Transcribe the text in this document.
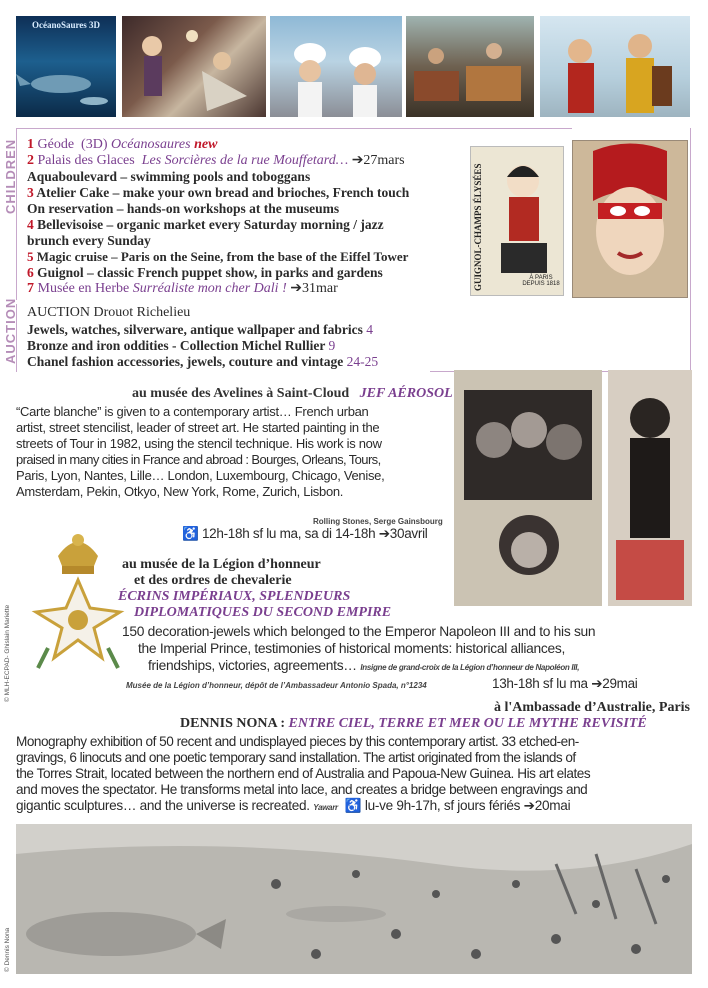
OcéanoSaures 3D
CHILDREN
AUCTION
1 Géode  (3D) Océanosaures new
2 Palais des Glaces Les Sorcières de la rue Mouffetard… ➔27mars
Aquaboulevard – swimming pools and toboggans
3 Atelier Cake – make your own bread and brioches, French touch
On reservation – hands-on workshops at the museums
4 Bellevisoise – organic market every Saturday morning / jazz
brunch every Sunday
5 Magic cruise – Paris on the Seine, from the base of the Eiffel Tower
6 Guignol – classic French puppet show, in parks and gardens
7 Musée en Herbe Surréaliste mon cher Dali ! ➔31mar
AUCTION Drouot Richelieu
Jewels, watches, silverware, antique wallpaper and fabrics 4
Bronze and iron oddities - Collection Michel Rullier 9
Chanel fashion accessories, jewels, couture and vintage 24-25
GUIGNOL-CHAMPS ÉLYSÉES	À PARIS DEPUIS 1818
au musée des Avelines à Saint-Cloud JEF AÉROSOL
“Carte blanche” is given to a contemporary artist… French urban
artist, street stencilist, leader of street art. He started painting in the
streets of Tour in 1982, using the stencil technique. His work is now
praised in many cities in France and abroad : Bourges, Orleans, Tours,
Paris, Lyon, Nantes, Lille… London, Luxembourg, Chicago, Venise,
Amsterdam, Pekin, Otkyo, New York, Rome, Zurich, Lisbon.
Rolling Stones, Serge Gainsbourg
♿ 12h-18h sf lu ma, sa di 14-18h ➔30avril
© MLH-ECPAD- Ghislain Mariette
au musée de la Légion d’honneur
et des ordres de chevalerie
ÉCRINS IMPÉRIAUX, SPLENDEURS
DIPLOMATIQUES DU SECOND EMPIRE
150 decoration-jewels which belonged to the Emperor Napoleon III and to his sun
the Imperial Prince, testimonies of historical moments: historical alliances,
friendships, victories, agreements… Insigne de grand-croix de la Légion d’honneur de Napoléon III,
Musée de la Légion d’honneur, dépôt de l’Ambassadeur Antonio Spada, n°1234	13h-18h sf lu ma ➔29mai
à l'Ambassade d’Australie, Paris
DENNIS NONA : ENTRE CIEL, TERRE ET MER OU LE MYTHE REVISITÉ
Monography exhibition of 50 recent and undisplayed pieces by this contemporary artist. 33 etched-en-
gravings, 6 linocuts and one poetic temporary sand installation. The artist originated from the islands of
the Torres Strait, located between the northern end of Australia and Papoua-New Guinea. His art elates
and moves the spectator. He transforms metal into lace, and creates a bridge between engravings and
gigantic sculptures… and the universe is recreated. Yawarr ♿ lu-ve 9h-17h, sf jours fériés ➔20mai
© Dennis Nona
